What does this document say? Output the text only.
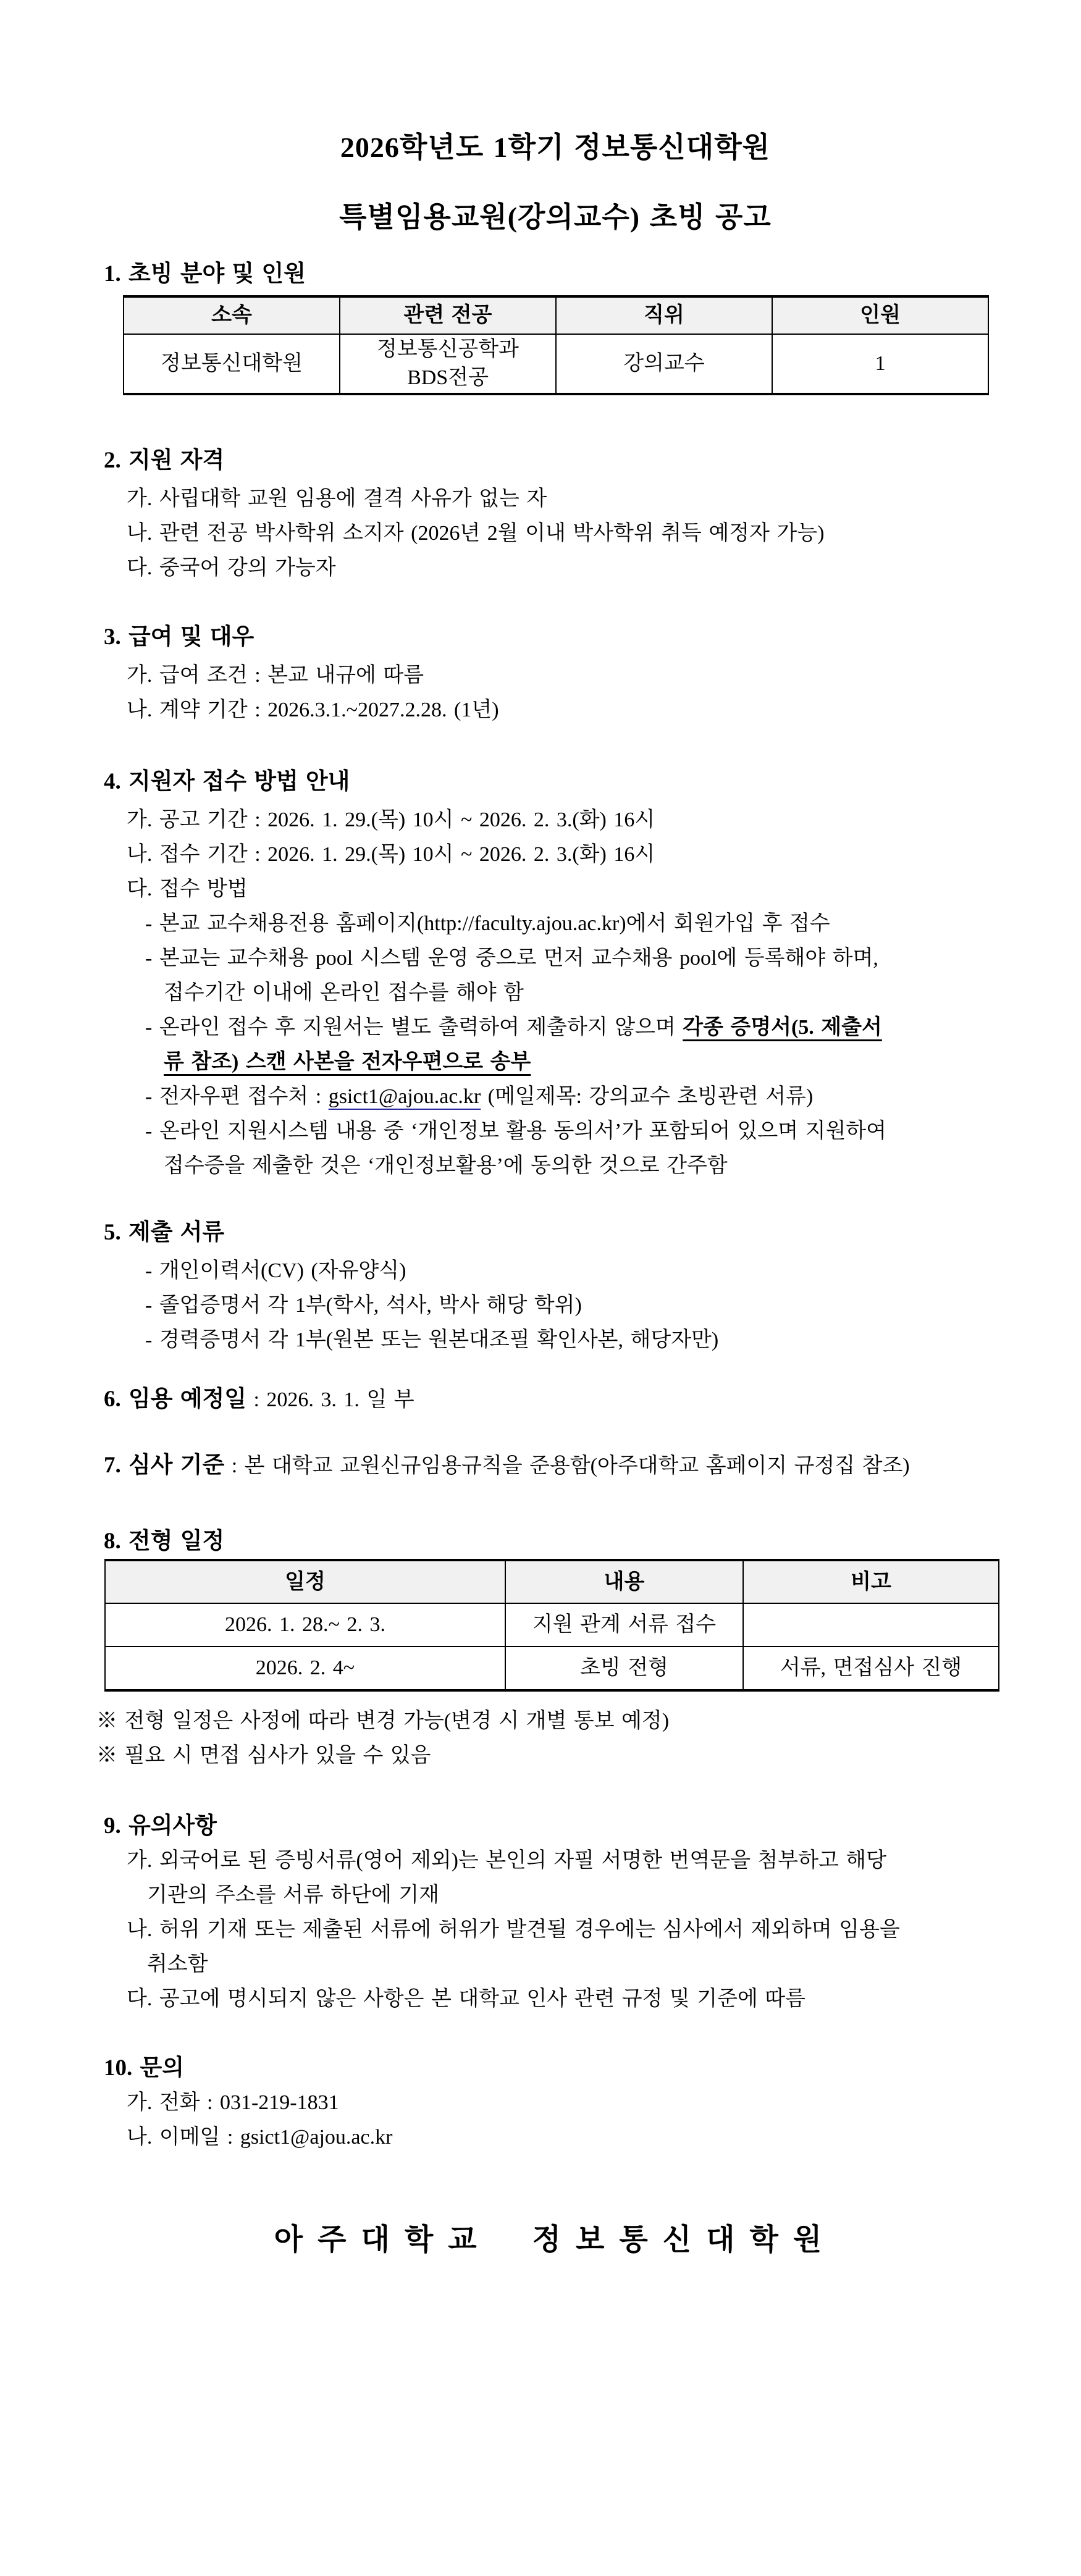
2026학년도 1학기 정보통신대학원
특별임용교원(강의교수) 초빙 공고
1. 초빙 분야 및 인원
소속	관련 전공	직위	인원
정보통신대학원	정보통신공학과
BDS전공	강의교수	1
2. 지원 자격
가. 사립대학 교원 임용에 결격 사유가 없는 자
나. 관련 전공 박사학위 소지자 (2026년 2월 이내 박사학위 취득 예정자 가능)
다. 중국어 강의 가능자
3. 급여 및 대우
가. 급여 조건 : 본교 내규에 따름
나. 계약 기간 : 2026.3.1.~2027.2.28. (1년)
4. 지원자 접수 방법 안내
가. 공고 기간 : 2026. 1. 29.(목) 10시 ~ 2026. 2. 3.(화) 16시
나. 접수 기간 : 2026. 1. 29.(목) 10시 ~ 2026. 2. 3.(화) 16시
다. 접수 방법
- 본교 교수채용전용 홈페이지(http://faculty.ajou.ac.kr)에서 회원가입 후 접수
- 본교는 교수채용 pool 시스템 운영 중으로 먼저 교수채용 pool에 등록해야 하며,
접수기간 이내에 온라인 접수를 해야 함
- 온라인 접수 후 지원서는 별도 출력하여 제출하지 않으며 각종 증명서(5. 제출서
류 참조) 스캔 사본을 전자우편으로 송부
- 전자우편 접수처 : gsict1@ajou.ac.kr (메일제목: 강의교수 초빙관련 서류)
- 온라인 지원시스템 내용 중 ‘개인정보 활용 동의서’가 포함되어 있으며 지원하여
접수증을 제출한 것은 ‘개인정보활용’에 동의한 것으로 간주함
5. 제출 서류
- 개인이력서(CV) (자유양식)
- 졸업증명서 각 1부(학사, 석사, 박사 해당 학위)
- 경력증명서 각 1부(원본 또는 원본대조필 확인사본, 해당자만)
6. 임용 예정일 : 2026. 3. 1. 일 부
7. 심사 기준 : 본 대학교 교원신규임용규칙을 준용함(아주대학교 홈페이지 규정집 참조)
8. 전형 일정
일정	내용	비고
2026. 1. 28.~ 2. 3.	지원 관계 서류 접수	
2026. 2. 4~	초빙 전형	서류, 면접심사 진행
※ 전형 일정은 사정에 따라 변경 가능(변경 시 개별 통보 예정)
※ 필요 시 면접 심사가 있을 수 있음
9. 유의사항
가. 외국어로 된 증빙서류(영어 제외)는 본인의 자필 서명한 번역문을 첨부하고 해당
기관의 주소를 서류 하단에 기재
나. 허위 기재 또는 제출된 서류에 허위가 발견될 경우에는 심사에서 제외하며 임용을
취소함
다. 공고에 명시되지 않은 사항은 본 대학교 인사 관련 규정 및 기준에 따름
10. 문의
가. 전화 : 031-219-1831
나. 이메일 : gsict1@ajou.ac.kr
아주대학교 정보통신대학원
